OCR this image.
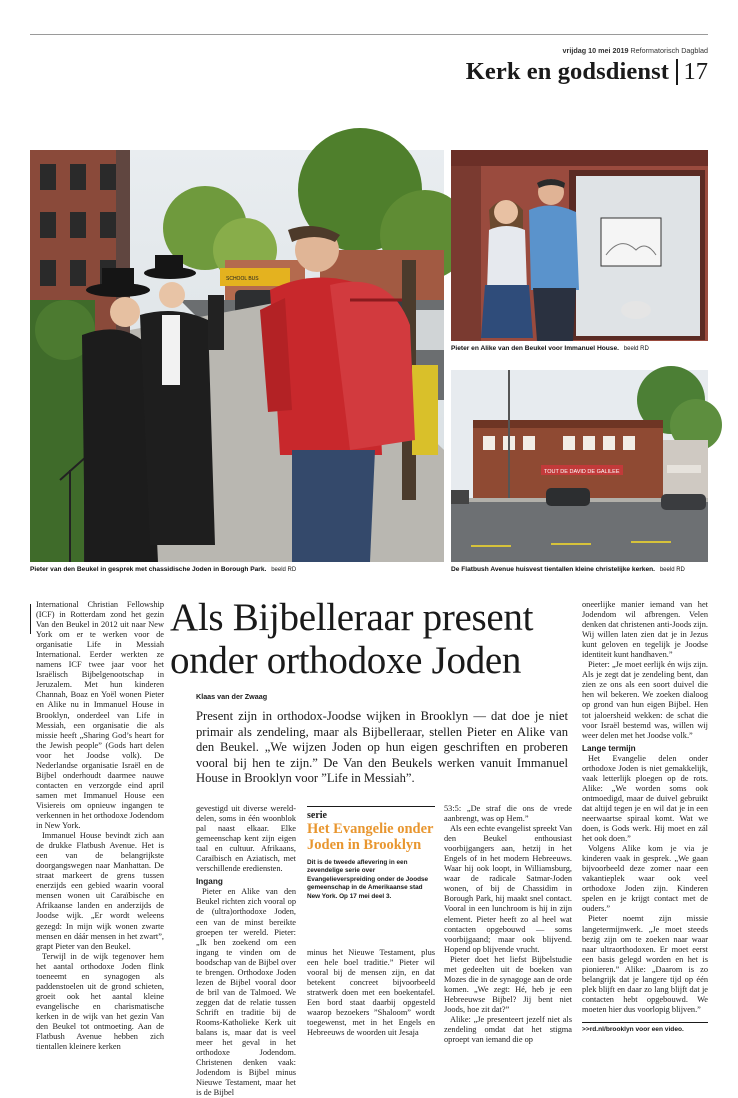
vrijdag 10 mei 2019 Reformatorisch Dagblad
Kerk en godsdienst 17
SCHOOL BUS
Pieter van den Beukel in gesprek met chassidische Joden in Borough Park. beeld RD
Pieter en Alike van den Beukel voor Immanuel House. beeld RD
TOUT DE DAVID DE GALILEE
De Flatbush Avenue huisvest tientallen kleine christelijke kerken. beeld RD
Als Bijbelleraar present
onder orthodoxe Joden
Klaas van der Zwaag
Present zijn in orthodox-Joodse wijken in Brooklyn — dat doe je niet primair als zendeling, maar als Bijbelleraar, stellen Pieter en Alike van den Beukel. „We wijzen Joden op hun eigen geschriften en proberen vooral bij hen te zijn.” De Van den Beukels werken vanuit Immanuel House in Brooklyn voor ”Life in Messiah”.

International Christian Fellowship (ICF) in Rotterdam zond het gezin Van den Beukel in 2012 uit naar New York om er te werken voor de organisatie Life in Messiah International. Eerder werkten ze namens ICF twee jaar voor het Israëlisch Bijbelgenootschap in Jeruzalem. Met hun kinderen Channah, Boaz en Yoël wonen Pieter en Alike nu in Immanuel House in Brooklyn, onderdeel van Life in Messiah, een organisatie die als missie heeft „Sharing God’s heart for the Jewish people” (Gods hart delen voor het Joodse volk). De Nederlandse organisatie Israël en de Bijbel onderhoudt daarmee nauwe contacten en verzorgde eind april samen met Immanuel House een Visiereis om opnieuw ingangen te verkennen in het orthodoxe Jodendom in New York.

Immanuel House bevindt zich aan de drukke Flatbush Avenue. Het is een van de belangrijkste doorgangswegen naar Manhattan. De straat markeert de grens tussen enerzijds een gebied waarin vooral mensen wonen uit Caraïbische en Afrikaanse landen en anderzijds de Joodse wijk. „Er wordt weleens gezegd: In mijn wijk wonen zwarte mensen en dáár mensen in het zwart”, grapt Pieter van den Beukel.

Terwijl in de wijk tegenover hem het aantal orthodoxe Joden flink toeneemt en synagogen als paddenstoelen uit de grond schieten, groeit ook het aantal kleine evangelische en charismatische kerken in de wijk van het gezin Van den Beukel tot ontmoeting. Aan de Flatbush Avenue hebben zich tientallen kleinere kerken

gevestigd uit diverse werelddelen, soms in één woonblok pal naast elkaar. Elke gemeenschap kent zijn eigen taal en cultuur. Afrikaans, Caraïbisch en Aziatisch, met verschillende erediensten.

Ingang

Pieter en Alike van den Beukel richten zich vooral op de (ultra)orthodoxe Joden, een van de minst bereikte groepen ter wereld. Pieter: „Ik ben zoekend om een ingang te vinden om de boodschap van de Bijbel over te brengen. Orthodoxe Joden lezen de Bijbel vooral door de bril van de Talmoed. We zeggen dat de relatie tussen Schrift en traditie bij de Rooms-Katholieke Kerk uit balans is, maar dat is veel meer het geval in het orthodoxe Jodendom. Christenen denken vaak: Jodendom is Bijbel minus Nieuwe Testament, maar het is de Bijbel

serie
Het Evangelie onder Joden in Brooklyn
Dit is de tweede aflevering in een zevendelige serie over Evangelieverspreiding onder de Joodse gemeenschap in de Amerikaanse stad New York. Op 17 mei deel 3.

minus het Nieuwe Testament, plus een hele boel traditie.” Pieter wil vooral bij de mensen zijn, en dat betekent concreet bijvoorbeeld stratwerk doen met een boekentafel. Een bord staat daarbij opgesteld waarop bezoekers ”Shaloom” wordt toegewenst, met in het Engels en Hebreeuws de woorden uit Jesaja

53:5: „De straf die ons de vrede aanbrengt, was op Hem.”

Als een echte evangelist spreekt Van den Beukel enthousiast voorbijgangers aan, hetzij in het Engels of in het modern Hebreeuws. Waar hij ook loopt, in Williamsburg, waar de radicale Satmar-Joden wonen, of bij de Chassidim in Borough Park, hij maakt snel contact. Vooral in een lunchroom is hij in zijn element. Pieter heeft zo al heel wat contacten opgebouwd — soms voorbijgaand; maar ook blijvend. Hopend op blijvende vrucht.

Pieter doet het liefst Bijbelstudie met gedeelten uit de boeken van Mozes die in de synagoge aan de orde komen. „We zegt: Hé, heb je een Hebreeuwse Bijbel? Jij bent niet Joods, hoe zit dat?”

Alike: „Je presenteert jezelf niet als zendeling omdat dat het stigma oproept van iemand die op

oneerlijke manier iemand van het Jodendom wil afbrengen. Velen denken dat christenen anti-Joods zijn. Wij willen laten zien dat je in Jezus kunt geloven en tegelijk je Joodse identiteit kunt handhaven.”

Pieter: „Je moet eerlijk én wijs zijn. Als je zegt dat je zendeling bent, dan zien ze ons als een soort duivel die hen wil bekeren. We zoeken dialoog op grond van hun eigen Bijbel. Hen tot jaloersheid wekken: de schat die voor Israël bestemd was, willen wij weer delen met het Joodse volk.”

Lange termijn

Het Evangelie delen onder orthodoxe Joden is niet gemakkelijk, vaak letterlijk ploegen op de rots. Alike: „We worden soms ook ontmoedigd, maar de duivel gebruikt dat altijd tegen je en wil dat je in een neerwaartse spiraal komt. Wat we doen, is Gods werk. Hij moet en zál het ook doen.”

Volgens Alike kom je via je kinderen vaak in gesprek. „We gaan bijvoorbeeld deze zomer naar een vakantieplek waar ook veel orthodoxe Joden zijn. Kinderen spelen en je krijgt contact met de ouders.”

Pieter noemt zijn missie langetermijnwerk. „Je moet steeds bezig zijn om te zoeken naar waar naar ultraorthodoxen. Er moet eerst een basis gelegd worden en het is pionieren.” Alike: „Daarom is zo belangrijk dat je langere tijd op één plek blijft en daar zo lang blijft dat je contacten hebt opgebouwd. We moeten hier dus voorlopig blijven.”

>>rd.nl/brooklyn voor een video.
